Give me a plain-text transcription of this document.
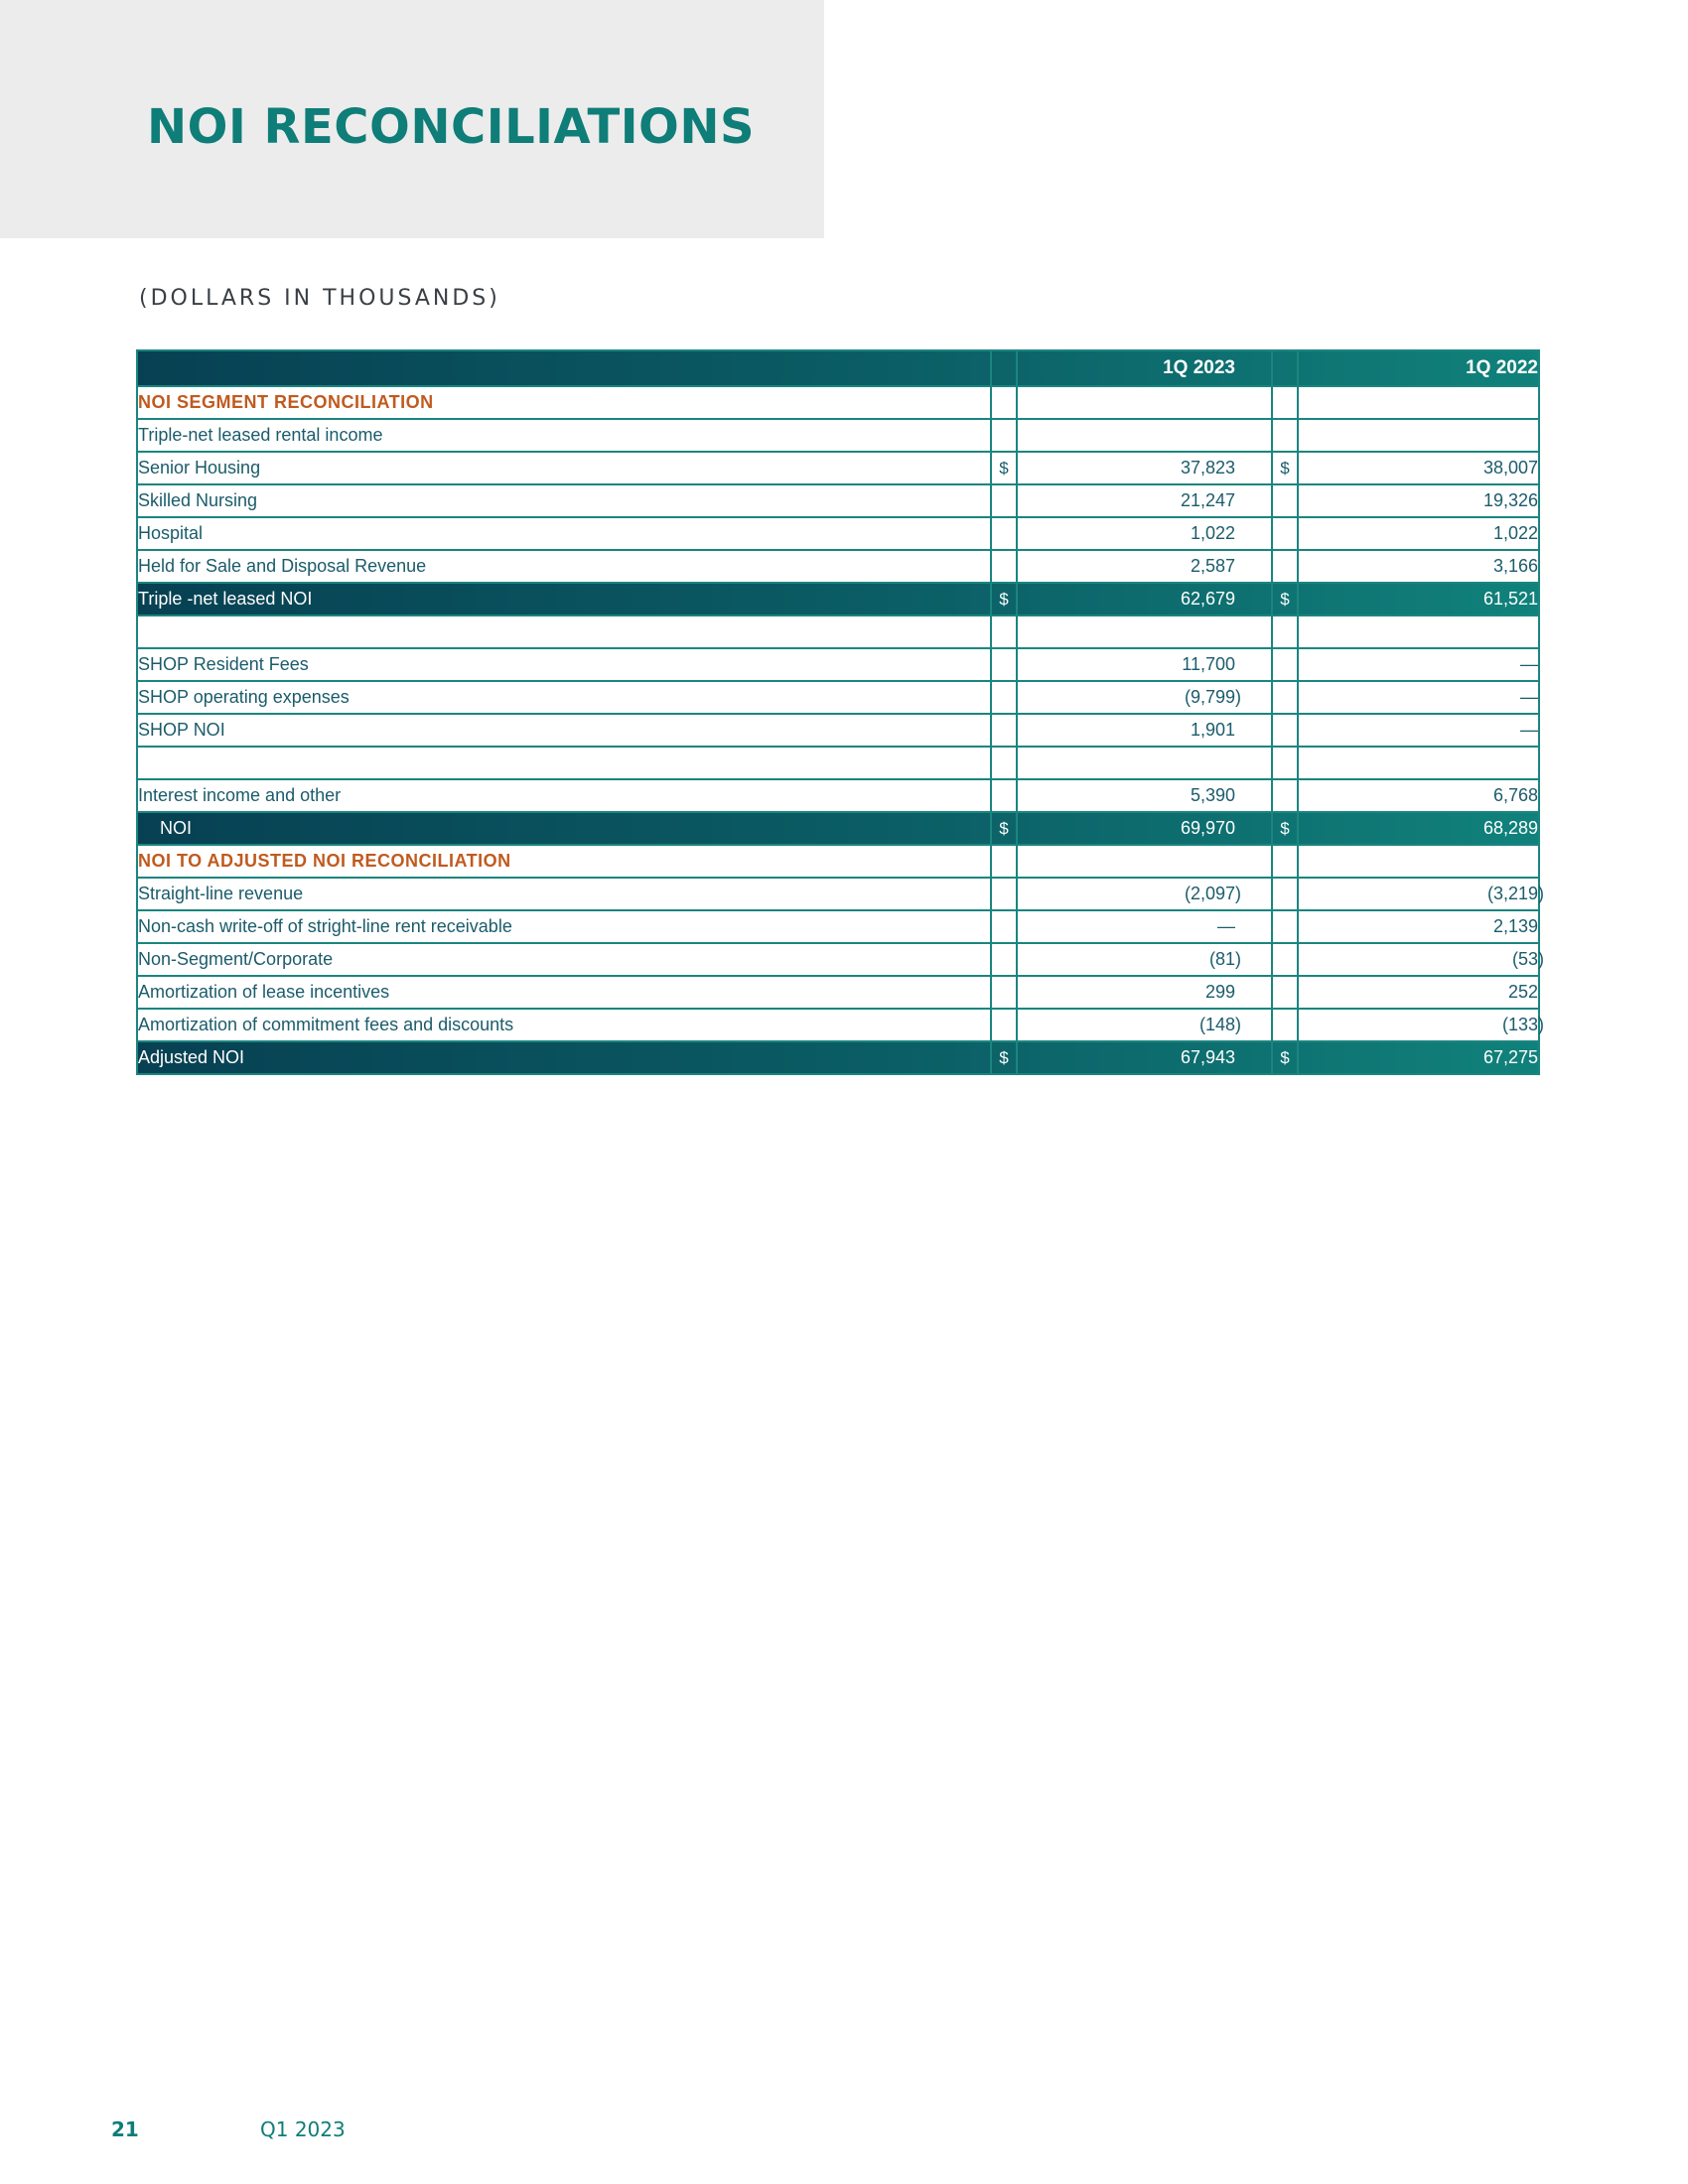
NOI RECONCILIATIONS

(DOLLARS IN THOUSANDS)

		1Q 2023		1Q 2022
NOI SEGMENT RECONCILIATION				
Triple-net leased rental income				
Senior Housing	$	37,823	$	38,007
Skilled Nursing		21,247		19,326
Hospital		1,022		1,022
Held for Sale and Disposal Revenue		2,587		3,166
Triple -net leased NOI	$	62,679	$	61,521

SHOP Resident Fees		11,700		—
SHOP operating expenses		(9,799)		—
SHOP NOI		1,901		—

Interest income and other		5,390		6,768
NOI	$	69,970	$	68,289
NOI TO ADJUSTED NOI RECONCILIATION				
Straight-line revenue		(2,097)		(3,219)
Non-cash write-off of stright-line rent receivable		—		2,139
Non-Segment/Corporate		(81)		(53)
Amortization of lease incentives		299		252
Amortization of commitment fees and discounts		(148)		(133)
Adjusted NOI	$	67,943	$	67,275

21	Q1 2023
